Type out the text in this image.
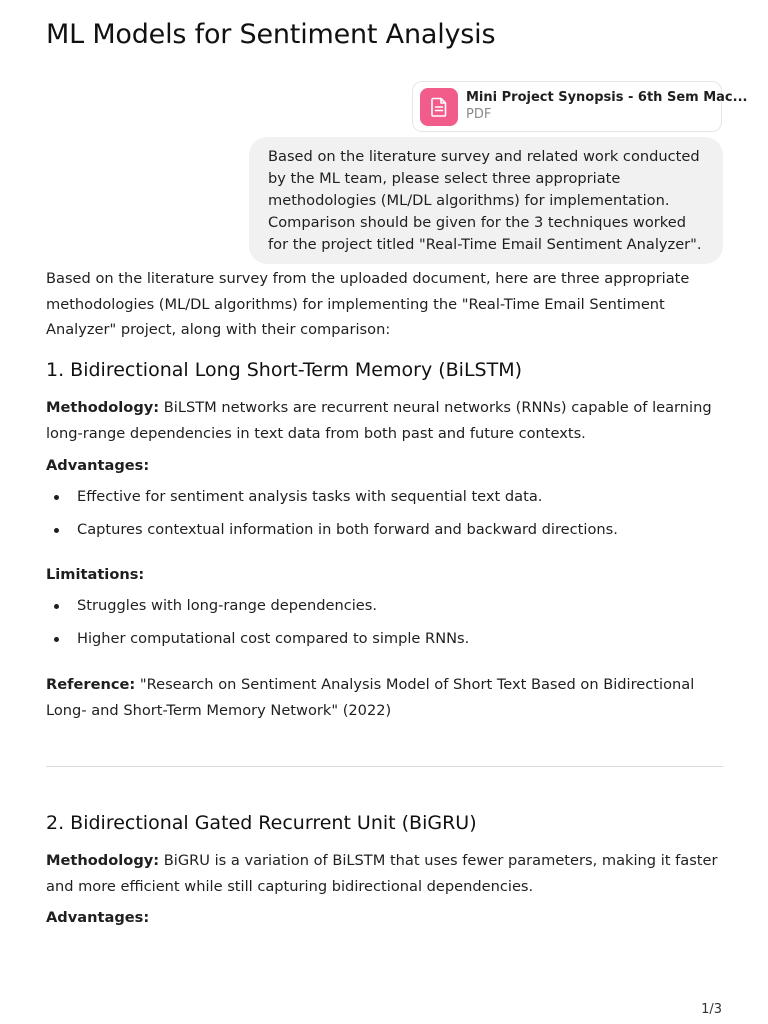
ML Models for Sentiment Analysis
Mini Project Synopsis - 6th Sem Mac...
PDF

Based on the literature survey and related work conducted

by the ML team, please select three appropriate

methodologies (ML/DL algorithms) for implementation.

Comparison should be given for the 3 techniques worked

for the project titled "Real-Time Email Sentiment Analyzer".

Based on the literature survey from the uploaded document, here are three appropriate
methodologies (ML/DL algorithms) for implementing the "Real-Time Email Sentiment
Analyzer" project, along with their comparison:
1. Bidirectional Long Short-Term Memory (BiLSTM)
Methodology: BiLSTM networks are recurrent neural networks (RNNs) capable of learning
long-range dependencies in text data from both past and future contexts.
Advantages:
Effective for sentiment analysis tasks with sequential text data.
Captures contextual information in both forward and backward directions.
Limitations:
Struggles with long-range dependencies.
Higher computational cost compared to simple RNNs.
Reference: "Research on Sentiment Analysis Model of Short Text Based on Bidirectional
Long- and Short-Term Memory Network" (2022)
2. Bidirectional Gated Recurrent Unit (BiGRU)
Methodology: BiGRU is a variation of BiLSTM that uses fewer parameters, making it faster
and more efficient while still capturing bidirectional dependencies.
Advantages:
1/3
